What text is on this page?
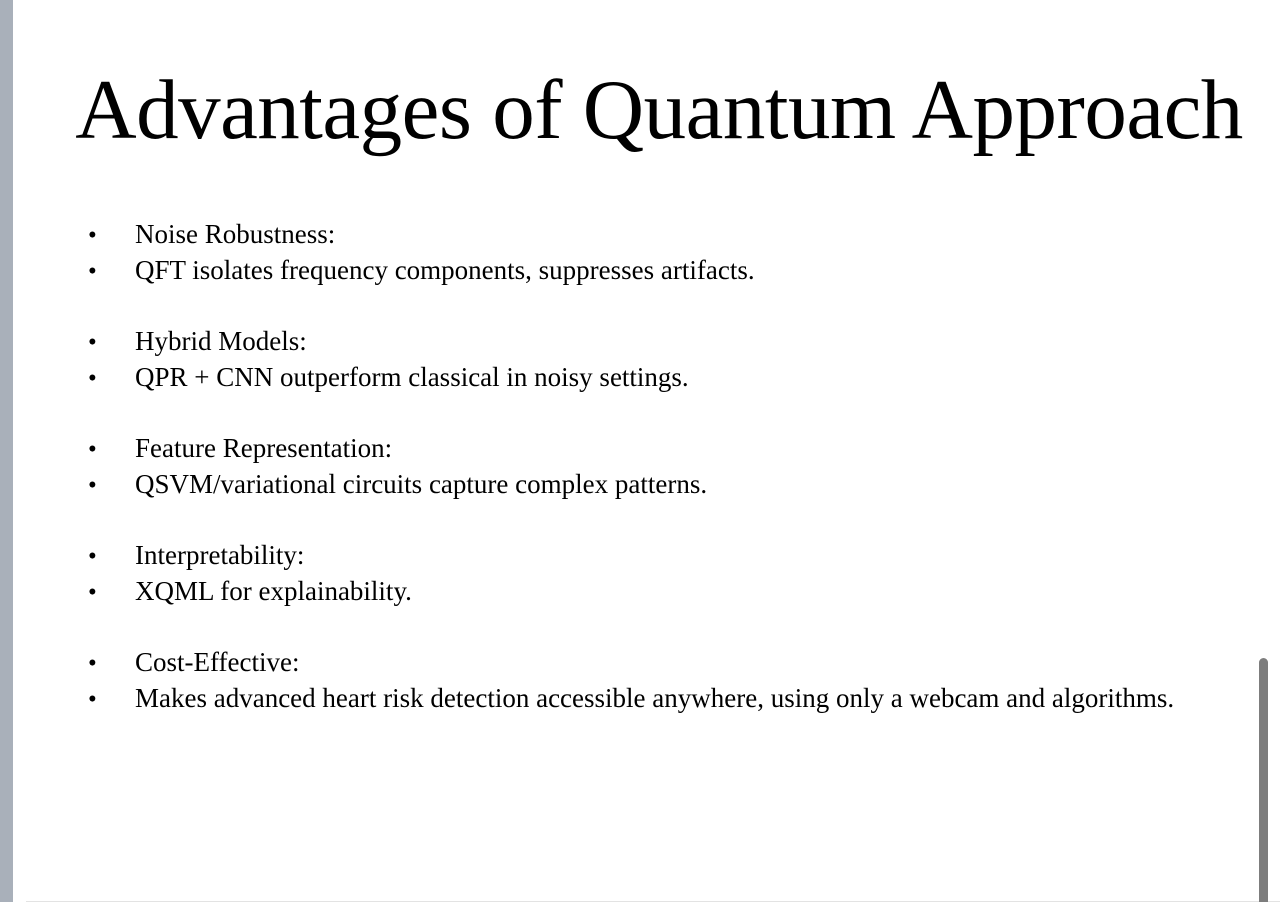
Advantages of Quantum Approach
• Noise Robustness:
• QFT isolates frequency components, suppresses artifacts.
• Hybrid Models:
• QPR + CNN outperform classical in noisy settings.
• Feature Representation:
• QSVM/variational circuits capture complex patterns.
• Interpretability:
• XQML for explainability.
• Cost-Effective:
• Makes advanced heart risk detection accessible anywhere, using only a webcam and algorithms.
